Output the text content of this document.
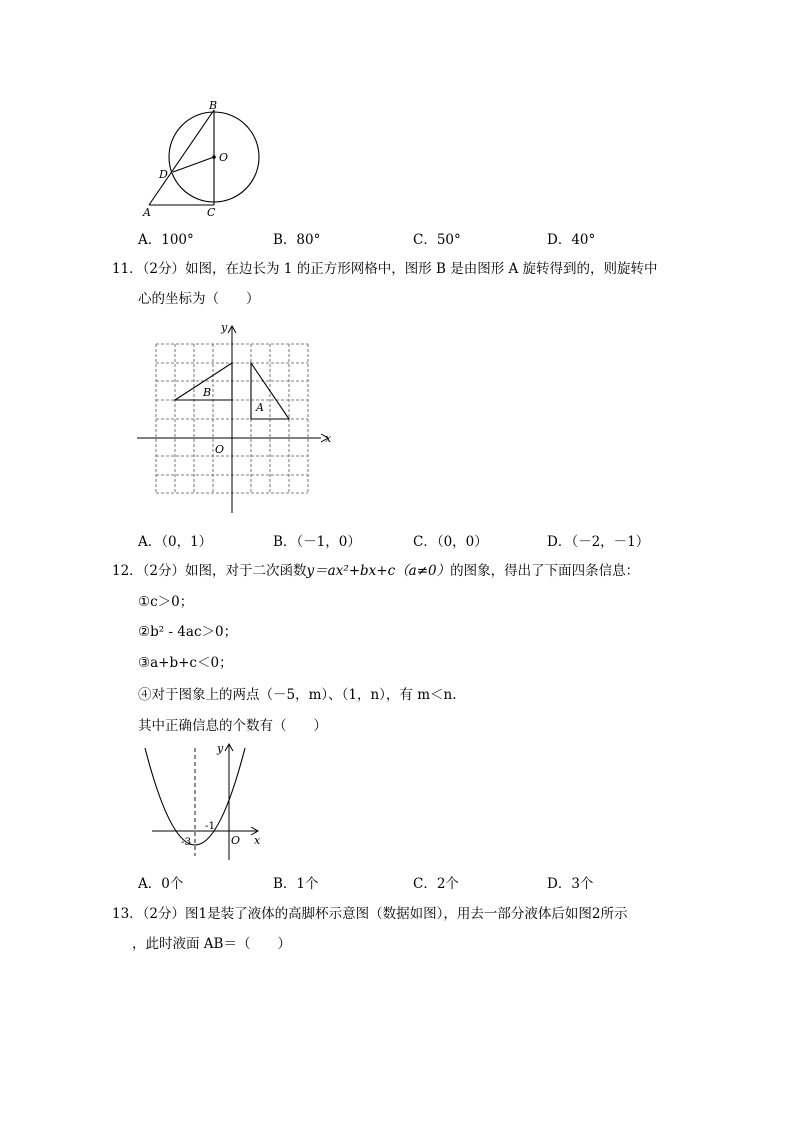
B
O
D
A	C
A．100°	B．80°	C．50°	D．40°
11．（2分）如图，在边长为 1 的正方形网格中，图形 B 是由图形 A 旋转得到的，则旋转中
心的坐标为（　　）
y
x
O
B
A
A．（0，1）	B．（－1，0）	C．（0，0）	D．（－2，－1）
12．（2分）如图，对于二次函数y＝ax²+bx+c（a≠0）的图象，得出了下面四条信息：
①c＞0；
②b² - 4ac＞0；
③a+b+c＜0；
④对于图象上的两点（－5，m）、（1，n），有 m＜n.
其中正确信息的个数有（　　）
y
x
O
-3
-1
A．0个	B．1个	C．2个	D．3个
13．（2分）图1是装了液体的高脚杯示意图（数据如图），用去一部分液体后如图2所示
，此时液面 AB＝（　　）
